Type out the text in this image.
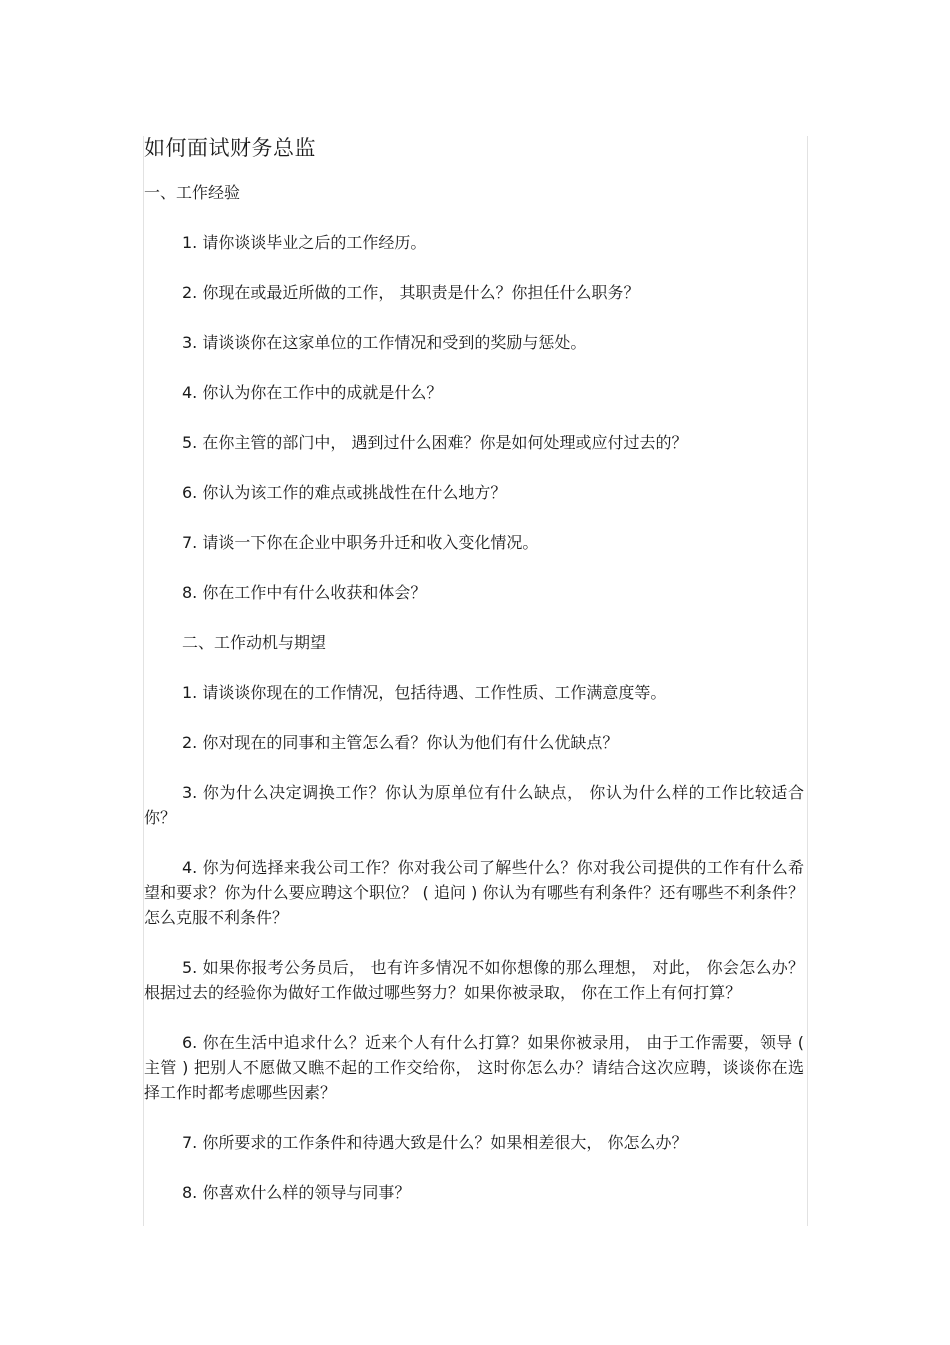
如何面试财务总监
一、工作经验

1. 请你谈谈毕业之后的工作经历。

2. 你现在或最近所做的工作， 其职责是什么？你担任什么职务？

3. 请谈谈你在这家单位的工作情况和受到的奖励与惩处。

4. 你认为你在工作中的成就是什么？

5. 在你主管的部门中， 遇到过什么困难？你是如何处理或应付过去的？

6. 你认为该工作的难点或挑战性在什么地方？

7. 请谈一下你在企业中职务升迁和收入变化情况。

8. 你在工作中有什么收获和体会？

二、工作动机与期望

1. 请谈谈你现在的工作情况，包括待遇、工作性质、工作满意度等。

2. 你对现在的同事和主管怎么看？你认为他们有什么优缺点？

3. 你为什么决定调换工作？你认为原单位有什么缺点， 你认为什么样的工作比较适合你？

4. 你为何选择来我公司工作？你对我公司了解些什么？你对我公司提供的工作有什么希望和要求？你为什么要应聘这个职位？ ( 追问 ) 你认为有哪些有利条件？还有哪些不利条件？怎么克服不利条件？

5. 如果你报考公务员后， 也有许多情况不如你想像的那么理想， 对此， 你会怎么办？根据过去的经验你为做好工作做过哪些努力？如果你被录取， 你在工作上有何打算？

6. 你在生活中追求什么？近来个人有什么打算？如果你被录用， 由于工作需要，领导 ( 主管 ) 把别人不愿做又瞧不起的工作交给你， 这时你怎么办？请结合这次应聘，谈谈你在选择工作时都考虑哪些因素？

7. 你所要求的工作条件和待遇大致是什么？如果相差很大， 你怎么办？

8. 你喜欢什么样的领导与同事？
